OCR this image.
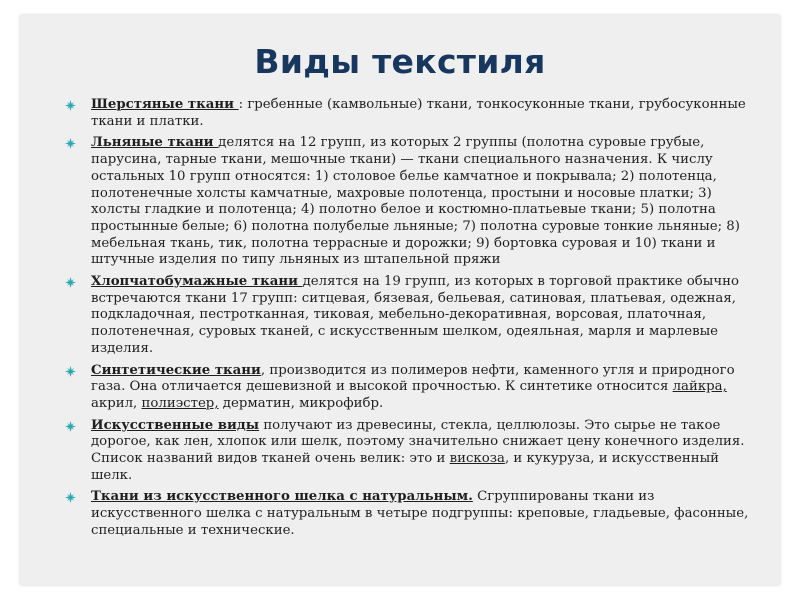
Виды текстиля
Шерстяные ткани : гребенные (камвольные) ткани, тонкосуконные ткани, грубосуконные ткани и платки.
Льняные ткани делятся на 12 групп, из которых 2 группы (полотна суровые грубые, парусина, тарные ткани, мешочные ткани) — ткани специального назначения. К числу остальных 10 групп относятся: 1) столовое белье камчатное и покрывала; 2) полотенца, полотенечные холсты камчатные, махровые полотенца, простыни и носовые платки; 3) холсты гладкие и полотенца; 4) полотно белое и костюмно-платьевые ткани; 5) полотна простынные белые; 6) полотна полубелые льняные; 7) полотна суровые тонкие льняные; 8) мебельная ткань, тик, полотна террасные и дорожки; 9) бортовка суровая и 10) ткани и штучные изделия по типу льняных из штапельной пряжи
Хлопчатобумажные ткани делятся на 19 групп, из которых в торговой практике обычно встречаются ткани 17 групп: ситцевая, бязевая, бельевая, сатиновая, платьевая, одежная, подкладочная, пестротканная, тиковая, мебельно-декоративная, ворсовая, платочная, полотенечная, суровых тканей, с искусственным шелком, одеяльная, марля и марлевые изделия.
Синтетические ткани, производится из полимеров нефти, каменного угля и природного газа. Она отличается дешевизной и высокой прочностью. К синтетике относится лайкра, акрил, полиэстер, дерматин, микрофибр.
Искусственные виды получают из древесины, стекла, целлюлозы. Это сырье не такое дорогое, как лен, хлопок или шелк, поэтому значительно снижает цену конечного изделия. Список названий видов тканей очень велик: это и вискоза, и кукуруза, и искусственный шелк.
Ткани из искусственного шелка с натуральным. Сгруппированы ткани из искусственного шелка с натуральным в четыре подгруппы: креповые, гладьевые, фасонные, специальные и технические.
